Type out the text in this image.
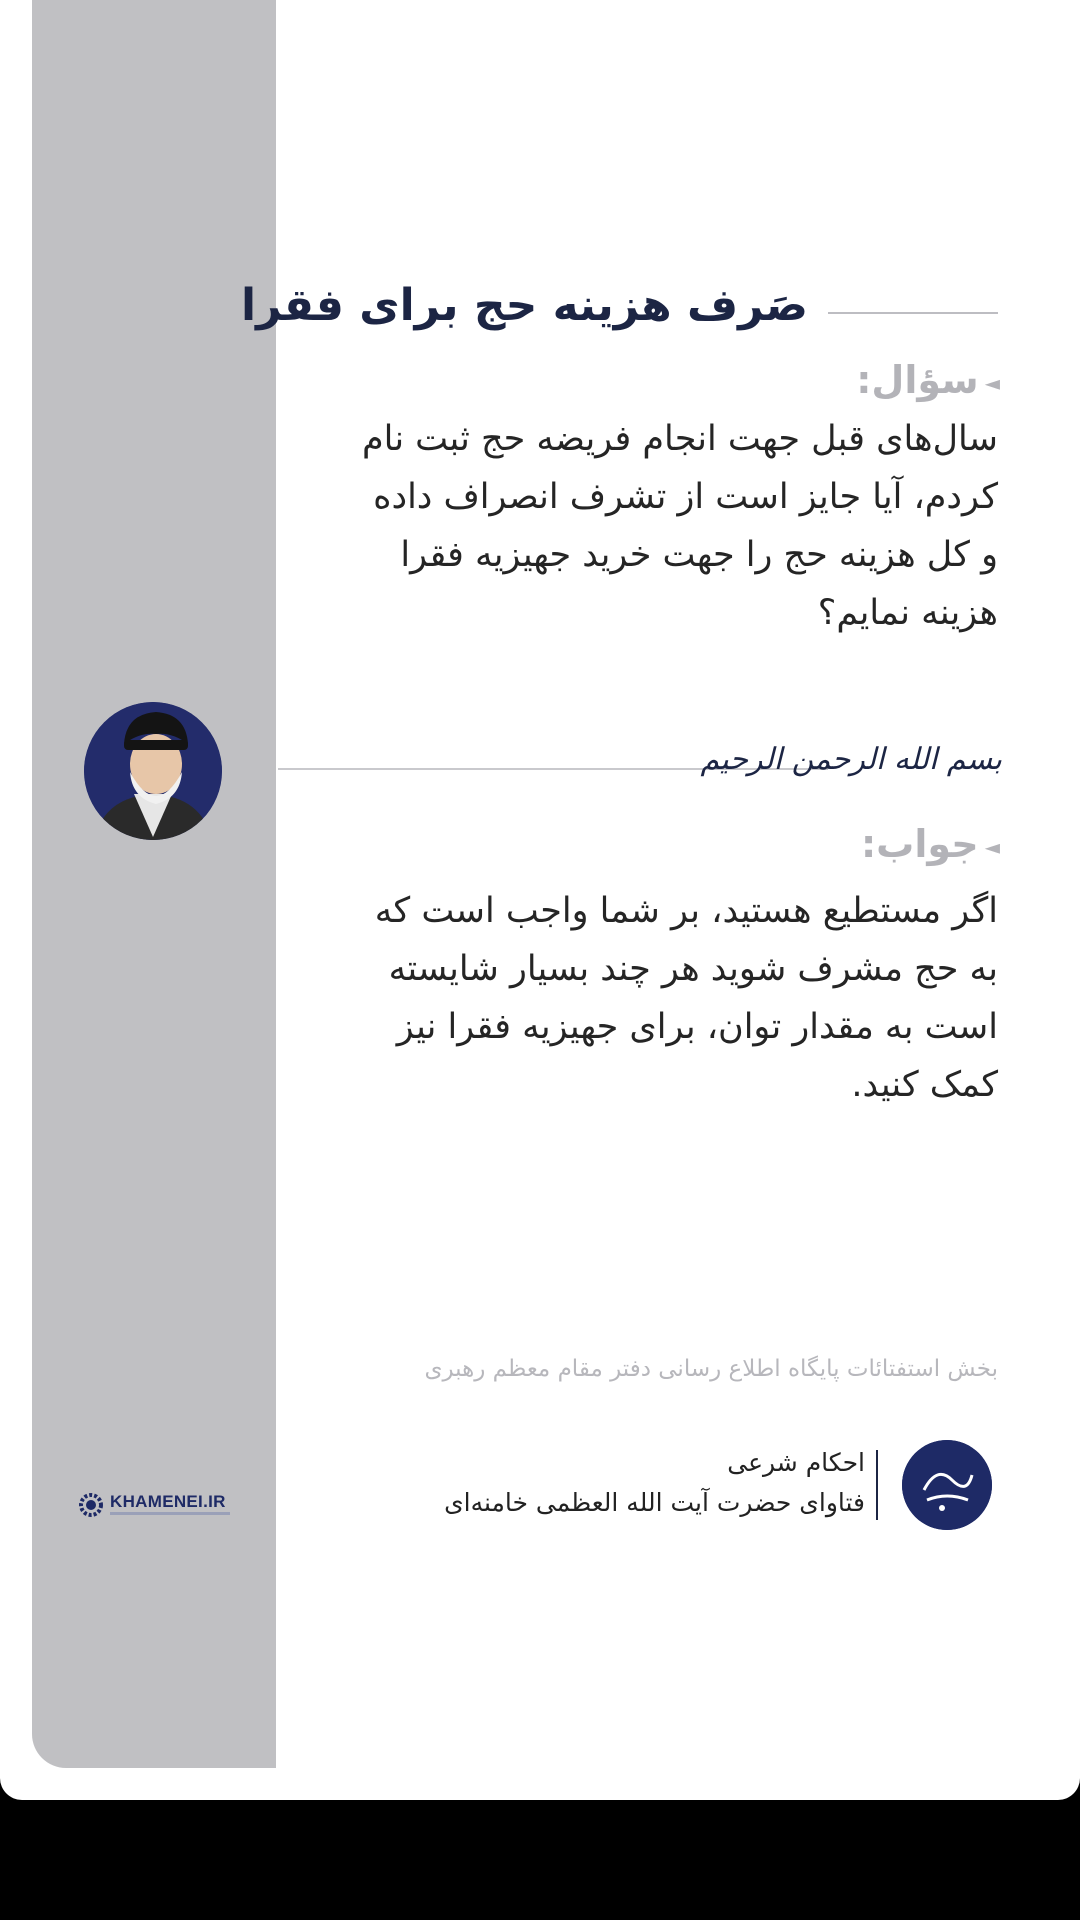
صَرف هزینه حج برای فقرا
◄سؤال:
سال‌های قبل جهت انجام فریضه حج ثبت نام کردم، آیا جایز است از تشرف انصراف داده و کل هزینه حج را جهت خرید جهیزیه فقرا هزینه نمایم؟
بسم الله الرحمن الرحیم
◄جواب:
اگر مستطیع هستید، بر شما واجب است که به حج مشرف شوید هر چند بسیار شایسته است به مقدار توان، برای جهیزیه فقرا نیز کمک کنید.
بخش استفتائات پایگاه اطلاع رسانی دفتر مقام معظم رهبری
احکام شرعی
فتاوای حضرت آیت الله العظمی خامنه‌ای
KHAMENEI.IR
